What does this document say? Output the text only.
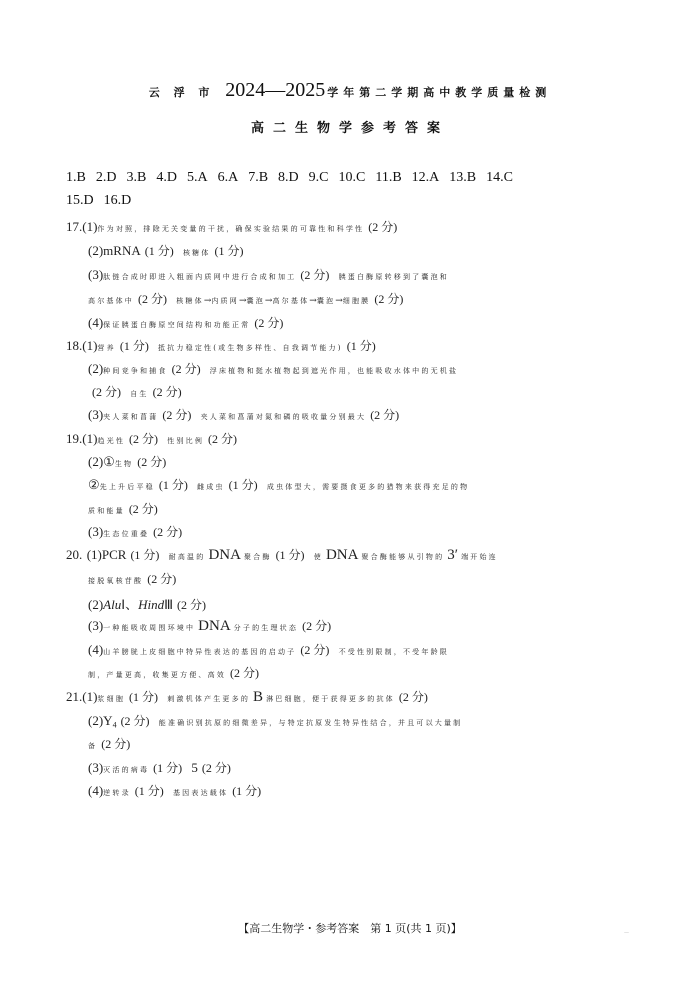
云 浮 市 2024—2025 学年第二学期高中教学质量检测
高二生物学参考答案
1.B 2.D 3.B 4.D 5.A 6.A 7.B 8.D 9.C 10.C 11.B 12.A 13.B 14.C
15.D 16.D
17.(1)作为对照，排除无关变量的干扰，确保实验结果的可靠性和科学性 (2 分)
(2)mRNA (1 分)　 核糖体 (1 分)
(3)肽链合成时即进入粗面内质网中进行合成和加工 (2 分)　 胰蛋白酶原转移到了囊泡和
高尔基体中 (2 分)　 核糖体→内质网→囊泡→高尔基体→囊泡→细胞膜 (2 分)
(4)保证胰蛋白酶原空间结构和功能正常 (2 分)
18.(1)营养 (1 分)　 抵抗力稳定性(或生物多样性、自我调节能力) (1 分)
(2)种间竞争和捕食 (2 分)　 浮床植物和挺水植物起到遮光作用，也能吸收水体中的无机盐
(2 分)　 自生 (2 分)
(3)夹人菜和菖蒲 (2 分)　 夹人菜和菖蒲对氮和磷的吸收量分别最大 (2 分)
19.(1)趋光性 (2 分)　 性别比例 (2 分)
(2)①生物 (2 分)
②先上升后平稳 (1 分)　 雌成虫 (1 分)　 成虫体型大，需要摄食更多的猎物来获得充足的物
质和能量 (2 分)
(3)生态位重叠 (2 分)
20. (1)PCR (1 分)　 耐高温的 DNA 聚合酶 (1 分)　 使 DNA 聚合酶能够从引物的 3′ 端开始连
接脱氧核苷酸 (2 分)
(2)AluⅠ、HindⅢ (2 分)
(3)一种能吸收周围环境中 DNA 分子的生理状态 (2 分)
(4)山羊膀胱上皮细胞中特异性表达的基因的启动子 (2 分)　 不受性别限制，不受年龄限
制，产量更高，收集更方便、高效 (2 分)
21.(1)浆细胞 (1 分)　 刺激机体产生更多的 B 淋巴细胞，便于获得更多的抗体 (2 分)
$(2)Y_4$ (2 分)　 能准确识别抗原的细微差异，与特定抗原发生特异性结合，并且可以大量制
备 (2 分)
(3)灭活的病毒 (1 分)　 5 (2 分)
(4)逆转录 (1 分)　 基因表达载体 (1 分)
【高二生物学・参考答案　第 1 页(共 1 页)】	—
